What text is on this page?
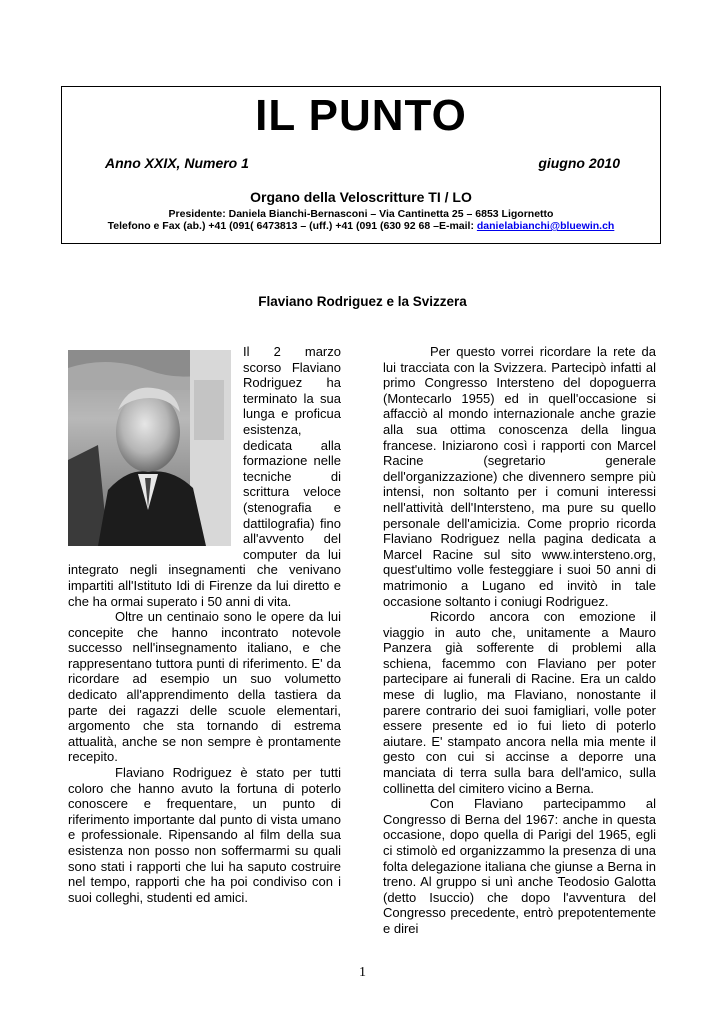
IL PUNTO
Anno XXIX, Numero 1	giugno 2010
Organo della Veloscritture TI / LO
Presidente: Daniela Bianchi-Bernasconi – Via Cantinetta 25 – 6853 Ligornetto
Telefono e Fax (ab.) +41 (091( 6473813 – (uff.) +41 (091 (630 92 68 –E-mail: danielabianchi@bluewin.ch
Flaviano Rodriguez e la Svizzera

Il 2 marzo scorso Flaviano Rodriguez ha terminato la sua lunga e proficua esistenza, dedicata alla formazione nelle tecniche di scrittura veloce (stenografia e dattilografia) fino all'avvento del computer da lui integrato negli insegnamenti che venivano impartiti all'Istituto Idi di Firenze da lui diretto e che ha ormai superato i 50 anni di vita.

Oltre un centinaio sono le opere da lui concepite che hanno incontrato notevole successo nell'insegnamento italiano, e che rappresentano tuttora punti di riferimento. E' da ricordare ad esempio un suo volumetto dedicato all'apprendimento della tastiera da parte dei ragazzi delle scuole elementari, argomento che sta tornando di estrema attualità, anche se non sempre è prontamente recepito.

Flaviano Rodriguez è stato per tutti coloro che hanno avuto la fortuna di poterlo conoscere e frequentare, un punto di riferimento importante dal punto di vista umano e professionale. Ripensando al film della sua esistenza non posso non soffermarmi su quali sono stati i rapporti che lui ha saputo costruire nel tempo, rapporti che ha poi condiviso con i suoi colleghi, studenti ed amici.

Per questo vorrei ricordare la rete da lui tracciata con la Svizzera. Partecipò infatti al primo Congresso Intersteno del dopoguerra (Montecarlo 1955) ed in quell'occasione si affacciò al mondo internazionale anche grazie alla sua ottima conoscenza della lingua francese. Iniziarono così i rapporti con Marcel Racine (segretario generale dell'organizzazione) che divennero sempre più intensi, non soltanto per i comuni interessi nell'attività dell'Intersteno, ma pure su quello personale dell'amicizia. Come proprio ricorda Flaviano Rodriguez nella pagina dedicata a Marcel Racine sul sito www.intersteno.org, quest'ultimo volle festeggiare i suoi 50 anni di matrimonio a Lugano ed invitò in tale occasione soltanto i coniugi Rodriguez.

Ricordo ancora con emozione il viaggio in auto che, unitamente a Mauro Panzera già sofferente di problemi alla schiena, facemmo con Flaviano per poter partecipare ai funerali di Racine. Era un caldo mese di luglio, ma Flaviano, nonostante il parere contrario dei suoi famigliari, volle poter essere presente ed io fui lieto di poterlo aiutare. E' stampato ancora nella mia mente il gesto con cui si accinse a deporre una manciata di terra sulla bara dell'amico, sulla collinetta del cimitero vicino a Berna.

Con Flaviano partecipammo al Congresso di Berna del 1967: anche in questa occasione, dopo quella di Parigi del 1965, egli ci stimolò ed organizzammo la presenza di una folta delegazione italiana che giunse a Berna in treno. Al gruppo si unì anche Teodosio Galotta (detto Isuccio) che dopo l'avventura del Congresso precedente, entrò prepotentemente e direi

1
